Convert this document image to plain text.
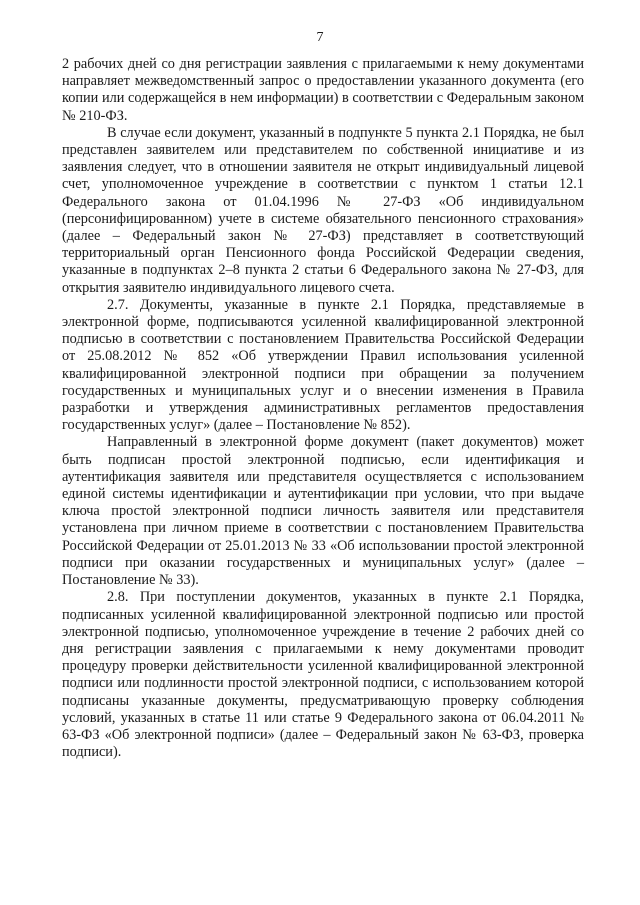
7

2 рабочих дней со дня регистрации заявления с прилагаемыми к нему документами направляет межведомственный запрос о предоставлении указанного документа (его копии или содержащейся в нем информации) в соответствии с Федеральным законом № 210-ФЗ.

В случае если документ, указанный в подпункте 5 пункта 2.1 Порядка, не был представлен заявителем или представителем по собственной инициативе и из заявления следует, что в отношении заявителя не открыт индивидуальный лицевой счет, уполномоченное учреждение в соответствии с пунктом 1 статьи 12.1 Федерального закона от 01.04.1996 № 27-ФЗ «Об индивидуальном (персонифицированном) учете в системе обязательного пенсионного страхования» (далее – Федеральный закон № 27-ФЗ) представляет в соответствующий территориальный орган Пенсионного фонда Российской Федерации сведения, указанные в подпунктах 2–8 пункта 2 статьи 6 Федерального закона № 27-ФЗ, для открытия заявителю индивидуального лицевого счета.

2.7. Документы, указанные в пункте 2.1 Порядка, представляемые в электронной форме, подписываются усиленной квалифицированной электронной подписью в соответствии с постановлением Правительства Российской Федерации от 25.08.2012 № 852 «Об утверждении Правил использования усиленной квалифицированной электронной подписи при обращении за получением государственных и муниципальных услуг и о внесении изменения в Правила разработки и утверждения административных регламентов предоставления государственных услуг» (далее – Постановление № 852).

Направленный в электронной форме документ (пакет документов) может быть подписан простой электронной подписью, если идентификация и аутентификация заявителя или представителя осуществляется с использованием единой системы идентификации и аутентификации при условии, что при выдаче ключа простой электронной подписи личность заявителя или представителя установлена при личном приеме в соответствии с постановлением Правительства Российской Федерации от 25.01.2013 № 33 «Об использовании простой электронной подписи при оказании государственных и муниципальных услуг» (далее – Постановление № 33).

2.8. При поступлении документов, указанных в пункте 2.1 Порядка, подписанных усиленной квалифицированной электронной подписью или простой электронной подписью, уполномоченное учреждение в течение 2 рабочих дней со дня регистрации заявления с прилагаемыми к нему документами проводит процедуру проверки действительности усиленной квалифицированной электронной подписи или подлинности простой электронной подписи, с использованием которой подписаны указанные документы, предусматривающую проверку соблюдения условий, указанных в статье 11 или статье 9 Федерального закона от 06.04.2011 № 63-ФЗ «Об электронной подписи» (далее – Федеральный закон № 63-ФЗ, проверка подписи).
